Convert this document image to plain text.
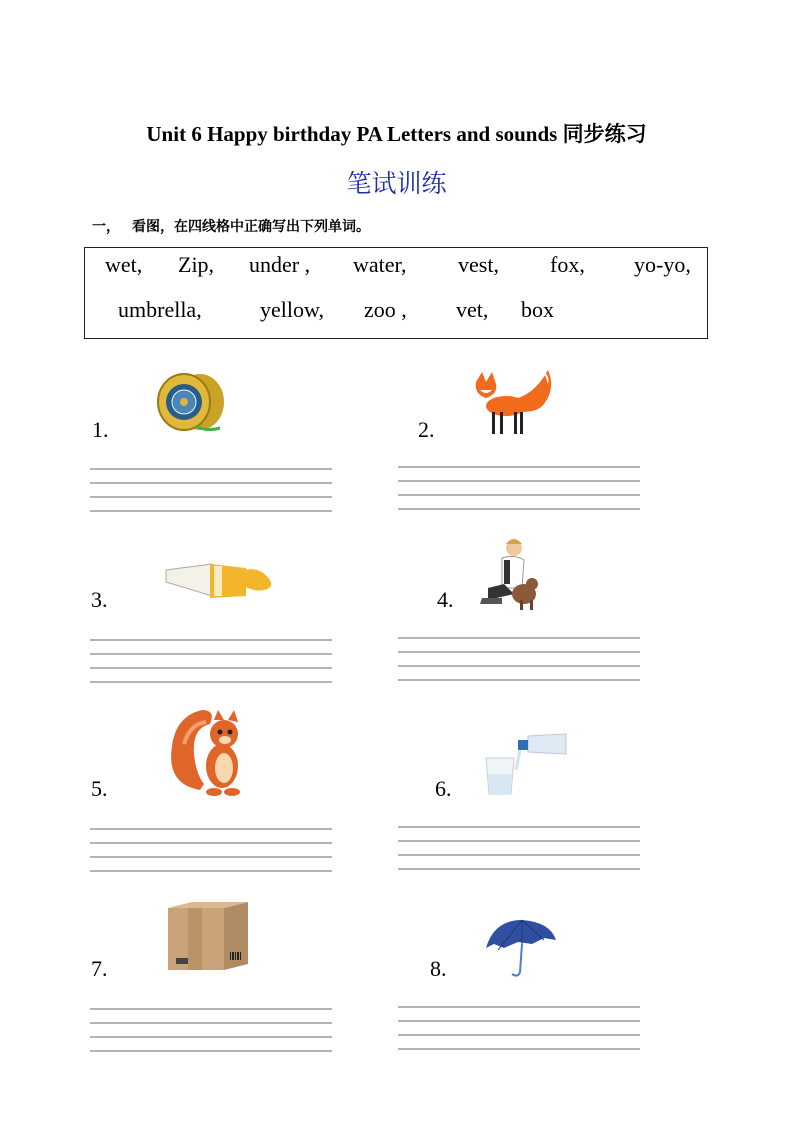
Unit 6 Happy birthday PA Letters and sounds 同步练习
笔试训练
一， 看图，在四线格中正确写出下列单词。
wet, Zip, under , water, vest, fox, yo-yo,
umbrella,	yellow, zoo , vet, box
1.	2.
3.	4.
5.	6.
7.	8.
